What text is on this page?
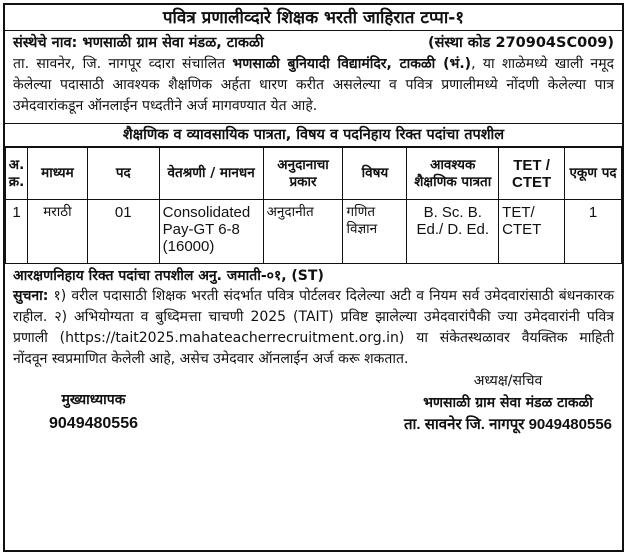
पवित्र प्रणालीव्दारे शिक्षक भरती जाहिरात टप्पा-१
संस्थेचे नाव: भणसाळी ग्राम सेवा मंडळ, टाकळी	(संस्था कोड 270904SC009)

ता. सावनेर, जि. नागपूर व्दारा संचालित भणसाळी बुनियादी विद्यामंदिर, टाकळी (भं.), या शाळेमध्ये खाली नमूद केलेल्या पदासाठी आवश्यक शैक्षणिक अर्हता धारण करीत असलेल्या व पवित्र प्रणालीमध्ये नोंदणी केलेल्या पात्र उमेदवारांकडून ऑनलाईन पध्दतीने अर्ज मागवण्यात येत आहे.

शैक्षणिक व व्यावसायिक पात्रता, विषय व पदनिहाय रिक्त पदांचा तपशील
अ. क्र.	माध्यम	पद	वेतश्रणी / मानधन	अनुदानाचा प्रकार	विषय	आवश्यक शैक्षणिक पात्रता	TET / CTET	एकूण पद
1	मराठी	01	Consolidated Pay-GT 6-8 (16000)	अनुदानीत	गणित विज्ञान	B. Sc. B. Ed./ D. Ed.	TET/ CTET	1
आरक्षणनिहाय रिक्त पदांचा तपशील अनु. जमाती-०१, (ST)

सुचना: १) वरील पदासाठी शिक्षक भरती संदर्भात पवित्र पोर्टलवर दिलेल्या अटी व नियम सर्व उमेदवारांसाठी बंधनकारक राहील. २) अभियोग्यता व बुध्दिमत्ता चाचणी 2025 (TAIT) प्रविष्ट झालेल्या उमेदवारांपैकी ज्या उमेदवारांनी पवित्र प्रणाली (https://tait2025.mahateacherrecruitment.org.in) या संकेतस्थळावर वैयक्तिक माहिती नोंदवून स्वप्रमाणित केलेली आहे, असेच उमेदवार ऑनलाईन अर्ज करू शकतात.

मुख्याध्यापक
9049480556
अध्यक्ष/सचिव
भणसाळी ग्राम सेवा मंडळ टाकळी
ता. सावनेर जि. नागपूर 9049480556
